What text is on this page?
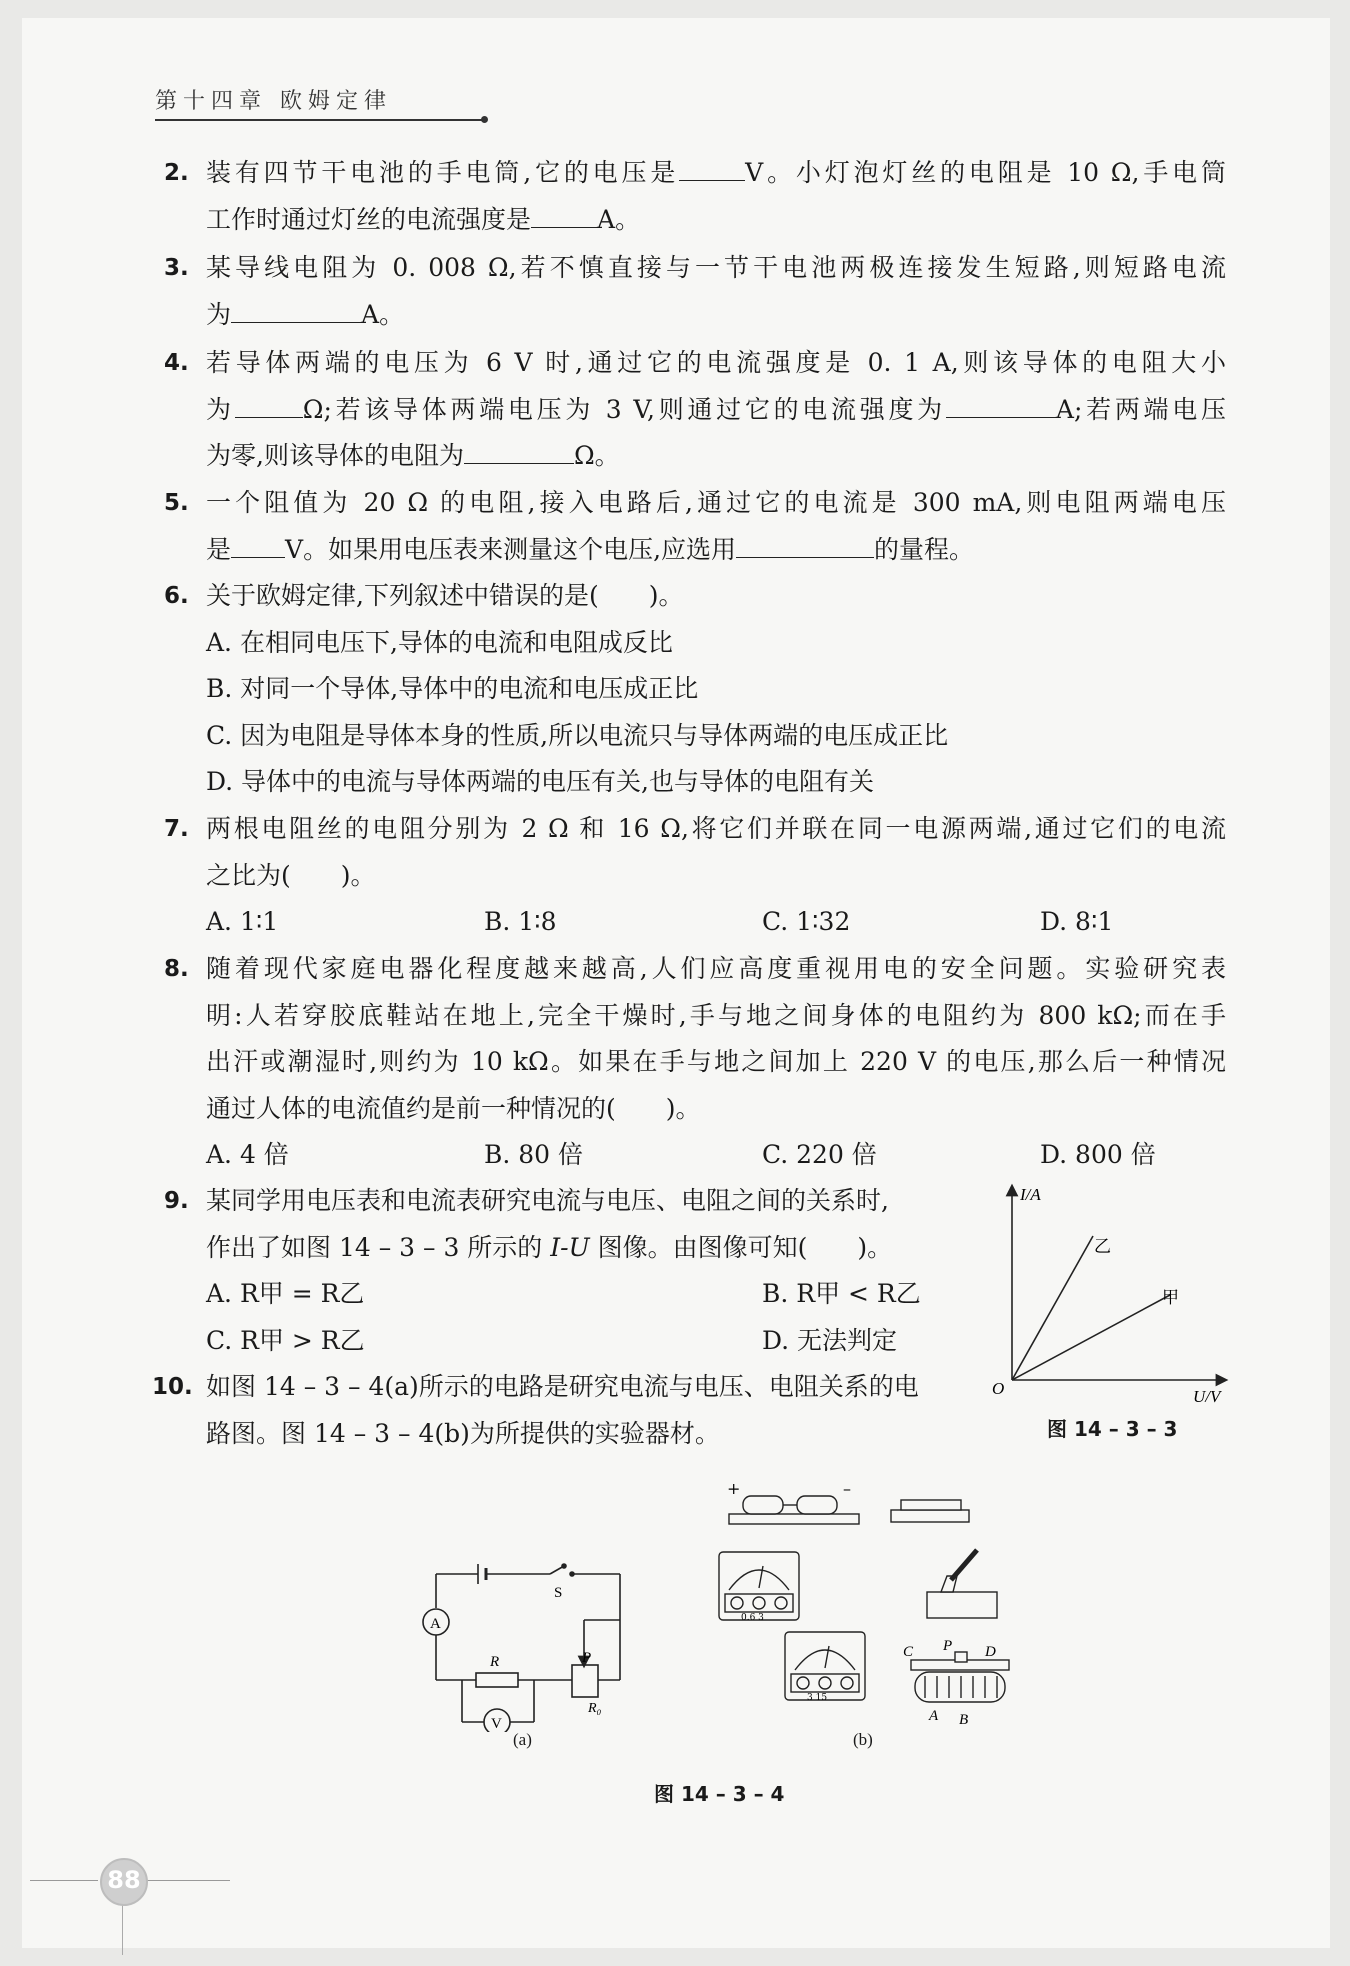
第十四章 欧姆定律
2. 装有四节干电池的手电筒,它的电压是	V。小灯泡灯丝的电阻是 10 Ω,手电筒
工作时通过灯丝的电流强度是	A。
3. 某导线电阻为 0. 008 Ω,若不慎直接与一节干电池两极连接发生短路,则短路电流
为	A。
4. 若导体两端的电压为 6 V 时,通过它的电流强度是 0. 1 A,则该导体的电阻大小
为	Ω;若该导体两端电压为 3 V,则通过它的电流强度为	A;若两端电压
为零,则该导体的电阻为	Ω。
5. 一个阻值为 20 Ω 的电阻,接入电路后,通过它的电流是 300 mA,则电阻两端电压
是 V。如果用电压表来测量这个电压,应选用	的量程。
6. 关于欧姆定律,下列叙述中错误的是(　　)。
A. 在相同电压下,导体的电流和电阻成反比
B. 对同一个导体,导体中的电流和电压成正比
C. 因为电阻是导体本身的性质,所以电流只与导体两端的电压成正比
D. 导体中的电流与导体两端的电压有关,也与导体的电阻有关
7. 两根电阻丝的电阻分别为 2 Ω 和 16 Ω,将它们并联在同一电源两端,通过它们的电流
之比为(　　)。
A. 1∶1	B. 1∶8	C. 1∶32	D. 8∶1
8. 随着现代家庭电器化程度越来越高,人们应高度重视用电的安全问题。实验研究表
明:人若穿胶底鞋站在地上,完全干燥时,手与地之间身体的电阻约为 800 kΩ;而在手
出汗或潮湿时,则约为 10 kΩ。如果在手与地之间加上 220 V 的电压,那么后一种情况
通过人体的电流值约是前一种情况的(　　)。
A. 4 倍	B. 80 倍	C. 220 倍	D. 800 倍
9. 某同学用电压表和电流表研究电流与电压、电阻之间的关系时,
作出了如图 14 – 3 – 3 所示的 I-U 图像。由图像可知(　　)。
A. R甲 = R乙	B. R甲 < R乙
C. R甲 > R乙	D. 无法判定
10. 如图 14 – 3 – 4(a)所示的电路是研究电流与电压、电阻关系的电
路图。图 14 – 3 – 4(b)为所提供的实验器材。
I/A
U/V
O
乙
甲
图 14 – 3 – 3
S
A
V
R	P
R₀
+	–
0.6 3
3 15
C P D
A B
(a)	(b)
图 14 – 3 – 4
88
